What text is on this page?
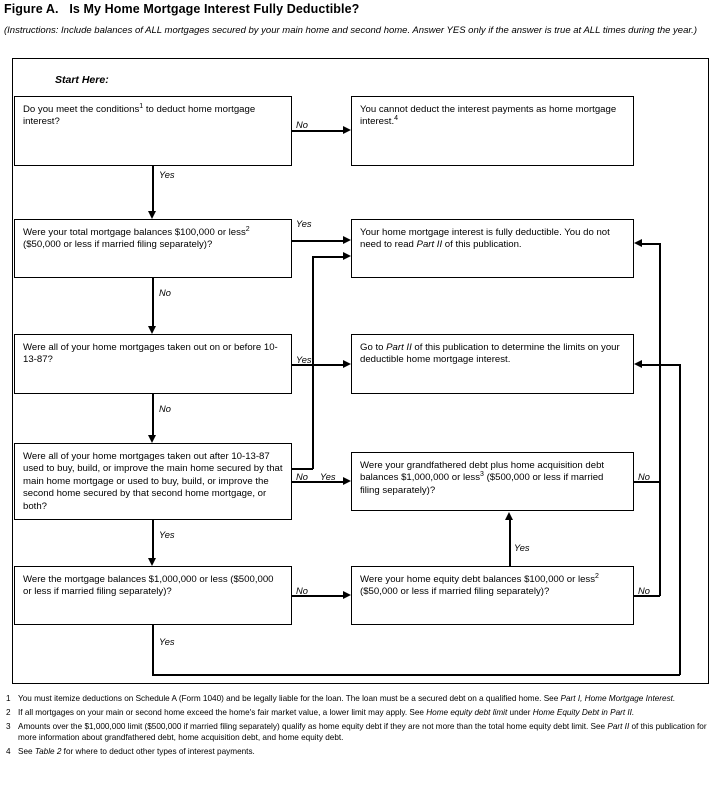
Figure A. Is My Home Mortgage Interest Fully Deductible?
(Instructions: Include balances of ALL mortgages secured by your main home and second home. Answer YES only if the answer is true at ALL times during the year.)
Start Here:
Do you meet the conditions$^1$ to deduct home mortgage interest?
You cannot deduct the interest payments as home mortgage interest.$^4$
Were your total mortgage balances $100,000 or less$^2$ ($50,000 or less if married filing separately)?
Your home mortgage interest is fully deductible. You do not need to read Part II of this publication.
Were all of your home mortgages taken out on or before 10-13-87?
Go to Part II of this publication to determine the limits on your deductible home mortgage interest.
Were all of your home mortgages taken out after 10-13-87 used to buy, build, or improve the main home secured by that main home mortgage or used to buy, build, or improve the second home secured by that second home mortgage, or both?
Were your grandfathered debt plus home acquisition debt balances $1,000,000 or less$^3$ ($500,000 or less if married filing separately)?
Were the mortgage balances $1,000,000 or less ($500,000 or less if married filing separately)?
Were your home equity debt balances $100,000 or less$^2$ ($50,000 or less if married filing separately)?
No
Yes
Yes
No
Yes
No
No Yes
Yes
No
Yes
No
Yes
No
1 You must itemize deductions on Schedule A (Form 1040) and be legally liable for the loan. The loan must be a secured debt on a qualified home. See Part I, Home Mortgage Interest.
2 If all mortgages on your main or second home exceed the home's fair market value, a lower limit may apply. See Home equity debt limit under Home Equity Debt in Part II.
3 Amounts over the $1,000,000 limit ($500,000 if married filing separately) qualify as home equity debt if they are not more than the total home equity debt limit. See Part II of this publication for more information about grandfathered debt, home acquisition debt, and home equity debt.
4 See Table 2 for where to deduct other types of interest payments.
